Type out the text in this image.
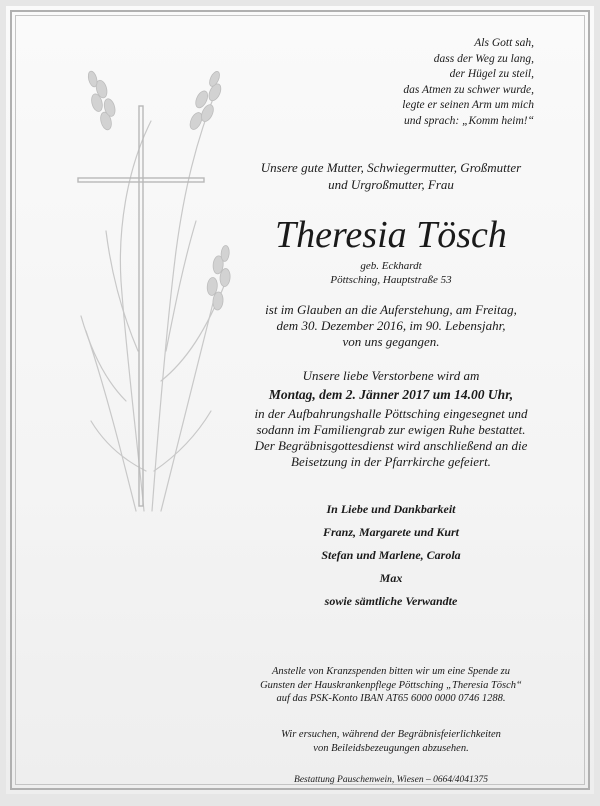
Als Gott sah,
dass der Weg zu lang,
der Hügel zu steil,
das Atmen zu schwer wurde,
legte er seinen Arm um mich
und sprach: „Komm heim!“
Unsere gute Mutter, Schwiegermutter, Großmutter
und Urgroßmutter, Frau
Theresia Tösch
geb. Eckhardt
Pöttsching, Hauptstraße 53
ist im Glauben an die Auferstehung, am Freitag,
dem 30. Dezember 2016, im 90. Lebensjahr,
von uns gegangen.
Unsere liebe Verstorbene wird am
Montag, dem 2. Jänner 2017 um 14.00 Uhr,
in der Aufbahrungshalle Pöttsching eingesegnet und
sodann im Familiengrab zur ewigen Ruhe bestattet.
Der Begräbnisgottesdienst wird anschließend an die
Beisetzung in der Pfarrkirche gefeiert.
In Liebe und Dankbarkeit
Franz, Margarete und Kurt
Stefan und Marlene, Carola
Max
sowie sämtliche Verwandte
Anstelle von Kranzspenden bitten wir um eine Spende zu
Gunsten der Hauskrankenpflege Pöttsching „Theresia Tösch“
auf das PSK-Konto IBAN AT65 6000 0000 0746 1288.
Wir ersuchen, während der Begräbnisfeierlichkeiten
von Beileidsbezeugungen abzusehen.
Bestattung Pauschenwein, Wiesen – 0664/4041375
